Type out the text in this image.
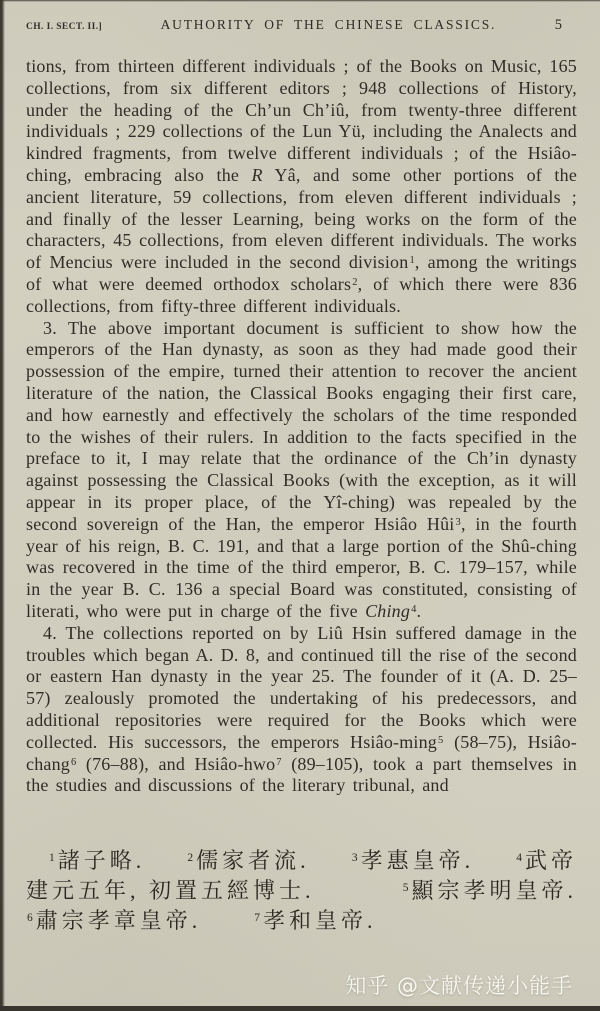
CH. I. SECT. II.]	AUTHORITY OF THE CHINESE CLASSICS.	5

tions, from thirteen different individuals ; of the Books on Music, 165 collections, from six different editors ; 948 collections of History, under the heading of the Ch’un Ch’iû, from twenty-three different individuals ; 229 collections of the Lun Yü, including the Analects and kindred fragments, from twelve different individuals ; of the Hsiâo-ching, embracing also the R Yâ, and some other portions of the ancient literature, 59 collections, from eleven different individuals ; and finally of the lesser Learning, being works on the form of the characters, 45 collections, from eleven different individuals. The works of Mencius were included in the second division$^1$, among the writings of what were deemed orthodox scholars$^2$, of which there were 836 collections, from fifty-three different individuals.

3. The above important document is sufficient to show how the emperors of the Han dynasty, as soon as they had made good their possession of the empire, turned their attention to recover the ancient literature of the nation, the Classical Books engaging their first care, and how earnestly and effectively the scholars of the time responded to the wishes of their rulers. In addition to the facts specified in the preface to it, I may relate that the ordinance of the Ch’in dynasty against possessing the Classical Books (with the exception, as it will appear in its proper place, of the Yî-ching) was repealed by the second sovereign of the Han, the emperor Hsiâo Hûi$^3$, in the fourth year of his reign, B. C. 191, and that a large portion of the Shû-ching was recovered in the time of the third emperor, B. C. 179–157, while in the year B. C. 136 a special Board was constituted, consisting of literati, who were put in charge of the five Ching$^4$.

4. The collections reported on by Liû Hsin suffered damage in the troubles which began A. D. 8, and continued till the rise of the second or eastern Han dynasty in the year 25. The founder of it (A. D. 25–57) zealously promoted the undertaking of his predecessors, and additional repositories were required for the Books which were collected. His successors, the emperors Hsiâo-ming$^5$ (58–75), Hsiâo-chang$^6$ (76–88), and Hsiâo-hwo$^7$ (89–105), took a part themselves in the studies and discussions of the literary tribunal, and

$^1$ 諸子略.	$^2$ 儒家者流.	$^3$ 孝惠皇帝.	$^4$ 武帝
建元五年, 初置五經博士.	$^5$ 顯宗孝明皇帝.
$^6$ 肅宗孝章皇帝.	$^7$ 孝和皇帝.
知乎 @文献传递小能手
